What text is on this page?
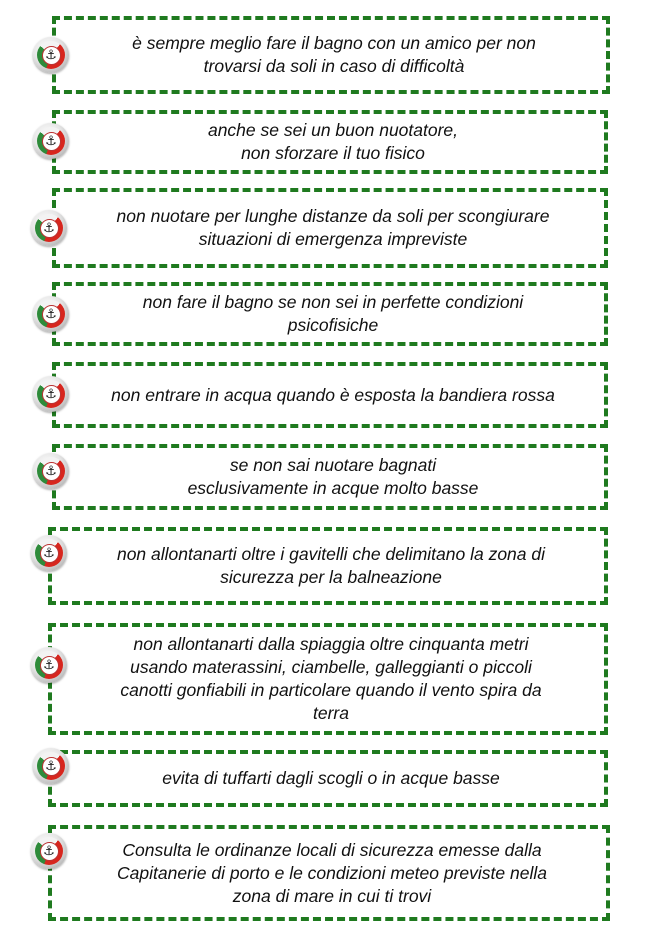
è sempre meglio fare il bagno con un amico per non
trovarsi da soli in caso di difficoltà
⚓
anche se sei un buon nuotatore,
non sforzare il tuo fisico
⚓
non nuotare per lunghe distanze da soli per scongiurare
situazioni di emergenza impreviste
⚓
non fare il bagno se non sei in perfette condizioni
psicofisiche
⚓
non entrare in acqua quando è esposta la bandiera rossa
⚓
se non sai nuotare bagnati
esclusivamente in acque molto basse
⚓
non allontanarti oltre i gavitelli che delimitano la zona di
sicurezza per la balneazione
⚓
non allontanarti dalla spiaggia oltre cinquanta metri
usando materassini, ciambelle, galleggianti o piccoli
canotti gonfiabili in particolare quando il vento spira da
terra
⚓
evita di tuffarti dagli scogli o in acque basse
⚓
Consulta le ordinanze locali di sicurezza emesse dalla
Capitanerie di porto e le condizioni meteo previste nella
zona di mare in cui ti trovi
⚓
